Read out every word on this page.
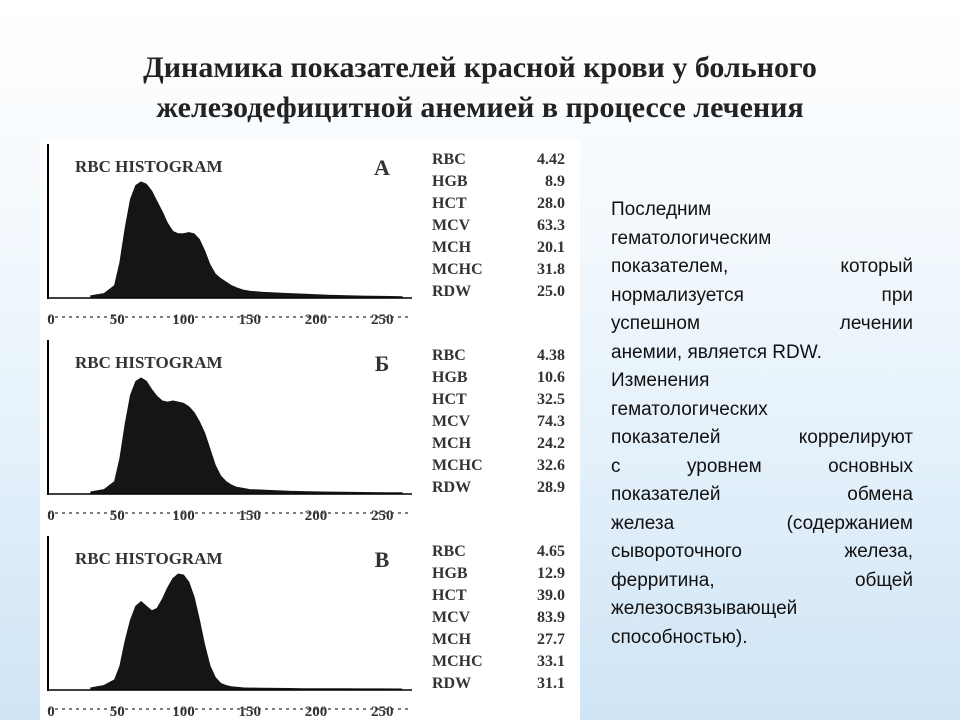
Динамика показателей красной крови у больного
железодефицитной анемией в процессе лечения
0	50	100	150	200	250
RBC HISTOGRAM	А	RBC	4.42
HGB	8.9
HCT	28.0
MCV	63.3
MCH	20.1
MCHC	31.8
RDW	25.0
0	50	100	150	200	250
RBC HISTOGRAM	Б	RBC	4.38
HGB	10.6
HCT	32.5
MCV	74.3
MCH	24.2
MCHC	32.6
RDW	28.9
0	50	100	150	200	250
RBC HISTOGRAM	В	RBC	4.65
HGB	12.9
HCT	39.0
MCV	83.9
MCH	27.7
MCHC	33.1
RDW	31.1

Последним
гематологическим
показателем, который
нормализуется при
успешном лечении
анемии, является RDW.
Изменения
гематологических
показателей коррелируют
с уровнем основных
показателей обмена
железа (содержанием
сывороточного железа,
ферритина, общей
железосвязывающей
способностью).
